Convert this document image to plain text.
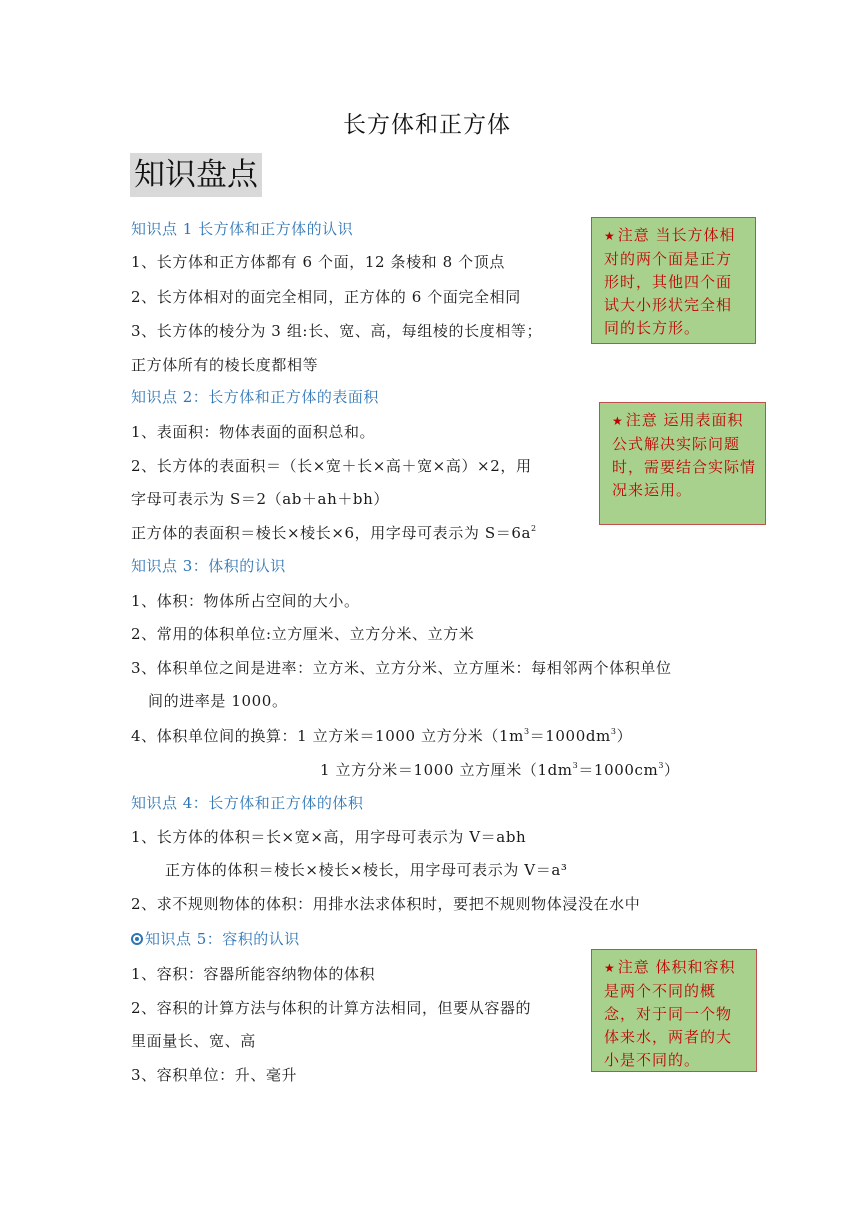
长方体和正方体
知识盘点
知识点 1 长方体和正方体的认识
1、长方体和正方体都有 6 个面，12 条棱和 8 个顶点
2、长方体相对的面完全相同，正方体的 6 个面完全相同
3、长方体的棱分为 3 组:长、宽、高，每组棱的长度相等；
正方体所有的棱长度都相等
知识点 2：长方体和正方体的表面积
1、表面积：物体表面的面积总和。
2、长方体的表面积＝（长×宽＋长×高＋宽×高）×2，用
字母可表示为 S＝2（ab＋ah＋bh）
正方体的表面积＝棱长×棱长×6，用字母可表示为 $S=6a^2$
知识点 3：体积的认识
1、体积：物体所占空间的大小。
2、常用的体积单位:立方厘米、立方分米、立方米
3、体积单位之间是进率：立方米、立方分米、立方厘米：每相邻两个体积单位
间的进率是 1000。
4、体积单位间的换算：1 立方米＝1000 立方分米$(1m^3=1000dm^3)$
1 立方分米＝1000 立方厘米$(1dm^3=1000cm^3)$
知识点 4：长方体和正方体的体积
1、长方体的体积＝长×宽×高，用字母可表示为 V＝abh
正方体的体积＝棱长×棱长×棱长，用字母可表示为 V＝a³
2、求不规则物体的体积：用排水法求体积时，要把不规则物体浸没在水中
知识点 5：容积的认识
1、容积：容器所能容纳物体的体积
2、容积的计算方法与体积的计算方法相同，但要从容器的
里面量长、宽、高
3、容积单位：升、毫升
★ 注意 当长方体相对的两个面是正方形时，其他四个面试大小形状完全相同的长方形。
★ 注意 运用表面积公式解决实际问题时，需要结合实际情况来运用。
★ 注意 体积和容积是两个不同的概念，对于同一个物体来水，两者的大小是不同的。
